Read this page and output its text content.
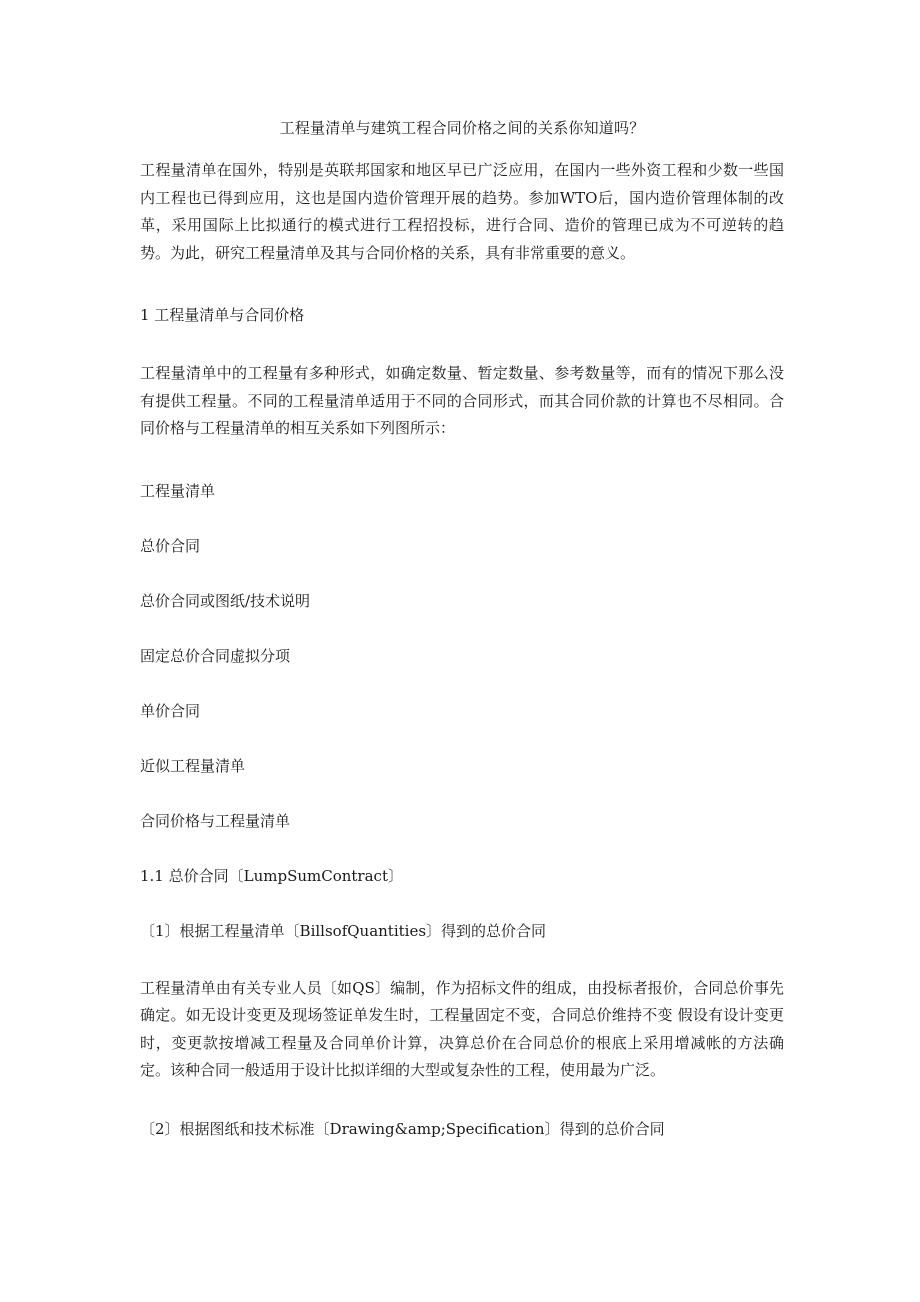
工程量清单与建筑工程合同价格之间的关系你知道吗？

工程量清单在国外，特别是英联邦国家和地区早已广泛应用，在国内一些外资工程和少数一些国内工程也已得到应用，这也是国内造价管理开展的趋势。参加WTO后，国内造价管理体制的改革，采用国际上比拟通行的模式进行工程招投标，进行合同、造价的管理已成为不可逆转的趋势。为此，研究工程量清单及其与合同价格的关系，具有非常重要的意义。

1 工程量清单与合同价格

工程量清单中的工程量有多种形式，如确定数量、暂定数量、参考数量等，而有的情况下那么没有提供工程量。不同的工程量清单适用于不同的合同形式，而其合同价款的计算也不尽相同。合同价格与工程量清单的相互关系如下列图所示：

工程量清单

总价合同

总价合同或图纸/技术说明

固定总价合同虚拟分项

单价合同

近似工程量清单

合同价格与工程量清单

1.1 总价合同〔LumpSumContract〕

〔1〕根据工程量清单〔BillsofQuantities〕得到的总价合同

工程量清单由有关专业人员〔如QS〕编制，作为招标文件的组成，由投标者报价，合同总价事先确定。如无设计变更及现场签证单发生时，工程量固定不变，合同总价维持不变 假设有设计变更时，变更款按增减工程量及合同单价计算，决算总价在合同总价的根底上采用增减帐的方法确定。该种合同一般适用于设计比拟详细的大型或复杂性的工程，使用最为广泛。

〔2〕根据图纸和技术标准〔Drawing&amp;Specification〕得到的总价合同
